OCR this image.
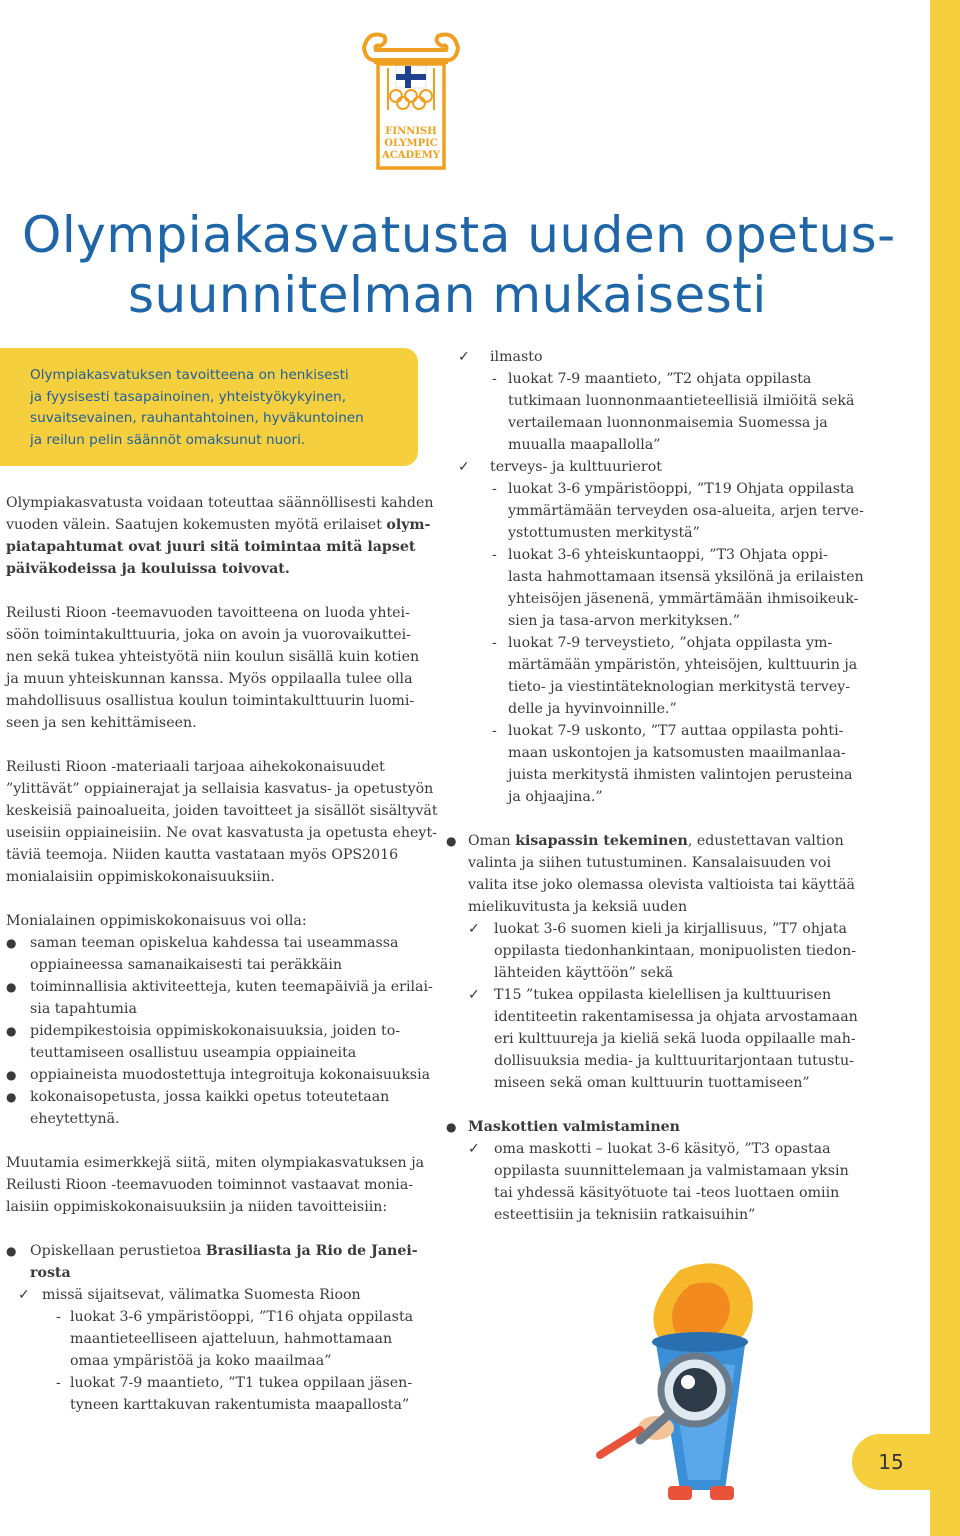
FINNISH
OLYMPIC
ACADEMY
Olympiakasvatusta uuden opetus-
suunnitelman mukaisesti
Olympiakasvatuksen tavoitteena on henkisesti
ja fyysisesti tasapainoinen, yhteistyökykyinen,
suvaitsevainen, rauhantahtoinen, hyväkuntoinen
ja reilun pelin säännöt omaksunut nuori.
Olympiakasvatusta voidaan toteuttaa säännöllisesti kahden
vuoden välein. Saatujen kokemusten myötä erilaiset olym-
piatapahtumat ovat juuri sitä toimintaa mitä lapset
päiväkodeissa ja kouluissa toivovat.
Reilusti Rioon -teemavuoden tavoitteena on luoda yhtei-
söön toimintakulttuuria, joka on avoin ja vuorovaikuttei-
nen sekä tukea yhteistyötä niin koulun sisällä kuin kotien
ja muun yhteiskunnan kanssa. Myös oppilaalla tulee olla
mahdollisuus osallistua koulun toimintakulttuurin luomi-
seen ja sen kehittämiseen.
Reilusti Rioon -materiaali tarjoaa aihekokonaisuudet
”ylittävät” oppiainerajat ja sellaisia kasvatus- ja opetustyön
keskeisiä painoalueita, joiden tavoitteet ja sisällöt sisältyvät
useisiin oppiaineisiin. Ne ovat kasvatusta ja opetusta eheyt-
täviä teemoja. Niiden kautta vastataan myös OPS2016
monialaisiin oppimiskokonaisuuksiin.
Monialainen oppimiskokonaisuus voi olla:
● saman teeman opiskelua kahdessa tai useammassa
oppiaineessa samanaikaisesti tai peräkkäin
● toiminnallisia aktiviteetteja, kuten teemapäiviä ja erilai-
sia tapahtumia
● pidempikestoisia oppimiskokonaisuuksia, joiden to-
teuttamiseen osallistuu useampia oppiaineita
● oppiaineista muodostettuja integroituja kokonaisuuksia
● kokonaisopetusta, jossa kaikki opetus toteutetaan
eheytettynä.
Muutamia esimerkkejä siitä, miten olympiakasvatuksen ja
Reilusti Rioon -teemavuoden toiminnot vastaavat monia-
laisiin oppimiskokonaisuuksiin ja niiden tavoitteisiin:
● Opiskellaan perustietoa Brasiliasta ja Rio de Janei-
rosta
✓ missä sijaitsevat, välimatka Suomesta Rioon
- luokat 3-6 ympäristöoppi, ”T16 ohjata oppilasta
maantieteelliseen ajatteluun, hahmottamaan
omaa ympäristöä ja koko maailmaa”
- luokat 7-9 maantieto, ”T1 tukea oppilaan jäsen-
tyneen karttakuvan rakentumista maapallosta”
✓ ilmasto
- luokat 7-9 maantieto, ”T2 ohjata oppilasta
tutkimaan luonnonmaantieteellisiä ilmiöitä sekä
vertailemaan luonnonmaisemia Suomessa ja
muualla maapallolla”
✓ terveys- ja kulttuurierot
- luokat 3-6 ympäristöoppi, ”T19 Ohjata oppilasta
ymmärtämään terveyden osa-alueita, arjen terve-
ystottumusten merkitystä”
- luokat 3-6 yhteiskuntaoppi, ”T3 Ohjata oppi-
lasta hahmottamaan itsensä yksilönä ja erilaisten
yhteisöjen jäsenenä, ymmärtämään ihmisoikeuk-
sien ja tasa-arvon merkityksen.”
- luokat 7-9 terveystieto, ”ohjata oppilasta ym-
märtämään ympäristön, yhteisöjen, kulttuurin ja
tieto- ja viestintäteknologian merkitystä tervey-
delle ja hyvinvoinnille.”
- luokat 7-9 uskonto, ”T7 auttaa oppilasta pohti-
maan uskontojen ja katsomusten maailmanlaa-
juista merkitystä ihmisten valintojen perusteina
ja ohjaajina.”
● Oman kisapassin tekeminen, edustettavan valtion
valinta ja siihen tutustuminen. Kansalaisuuden voi
valita itse joko olemassa olevista valtioista tai käyttää
mielikuvitusta ja keksiä uuden
✓ luokat 3-6 suomen kieli ja kirjallisuus, ”T7 ohjata
oppilasta tiedonhankintaan, monipuolisten tiedon-
lähteiden käyttöön” sekä
✓ T15 ”tukea oppilasta kielellisen ja kulttuurisen
identiteetin rakentamisessa ja ohjata arvostamaan
eri kulttuureja ja kieliä sekä luoda oppilaalle mah-
dollisuuksia media- ja kulttuuritarjontaan tutustu-
miseen sekä oman kulttuurin tuottamiseen”
● Maskottien valmistaminen
✓ oma maskotti – luokat 3-6 käsityö, ”T3 opastaa
oppilasta suunnittelemaan ja valmistamaan yksin
tai yhdessä käsityötuote tai -teos luottaen omiin
esteettisiin ja teknisiin ratkaisuihin”
15
